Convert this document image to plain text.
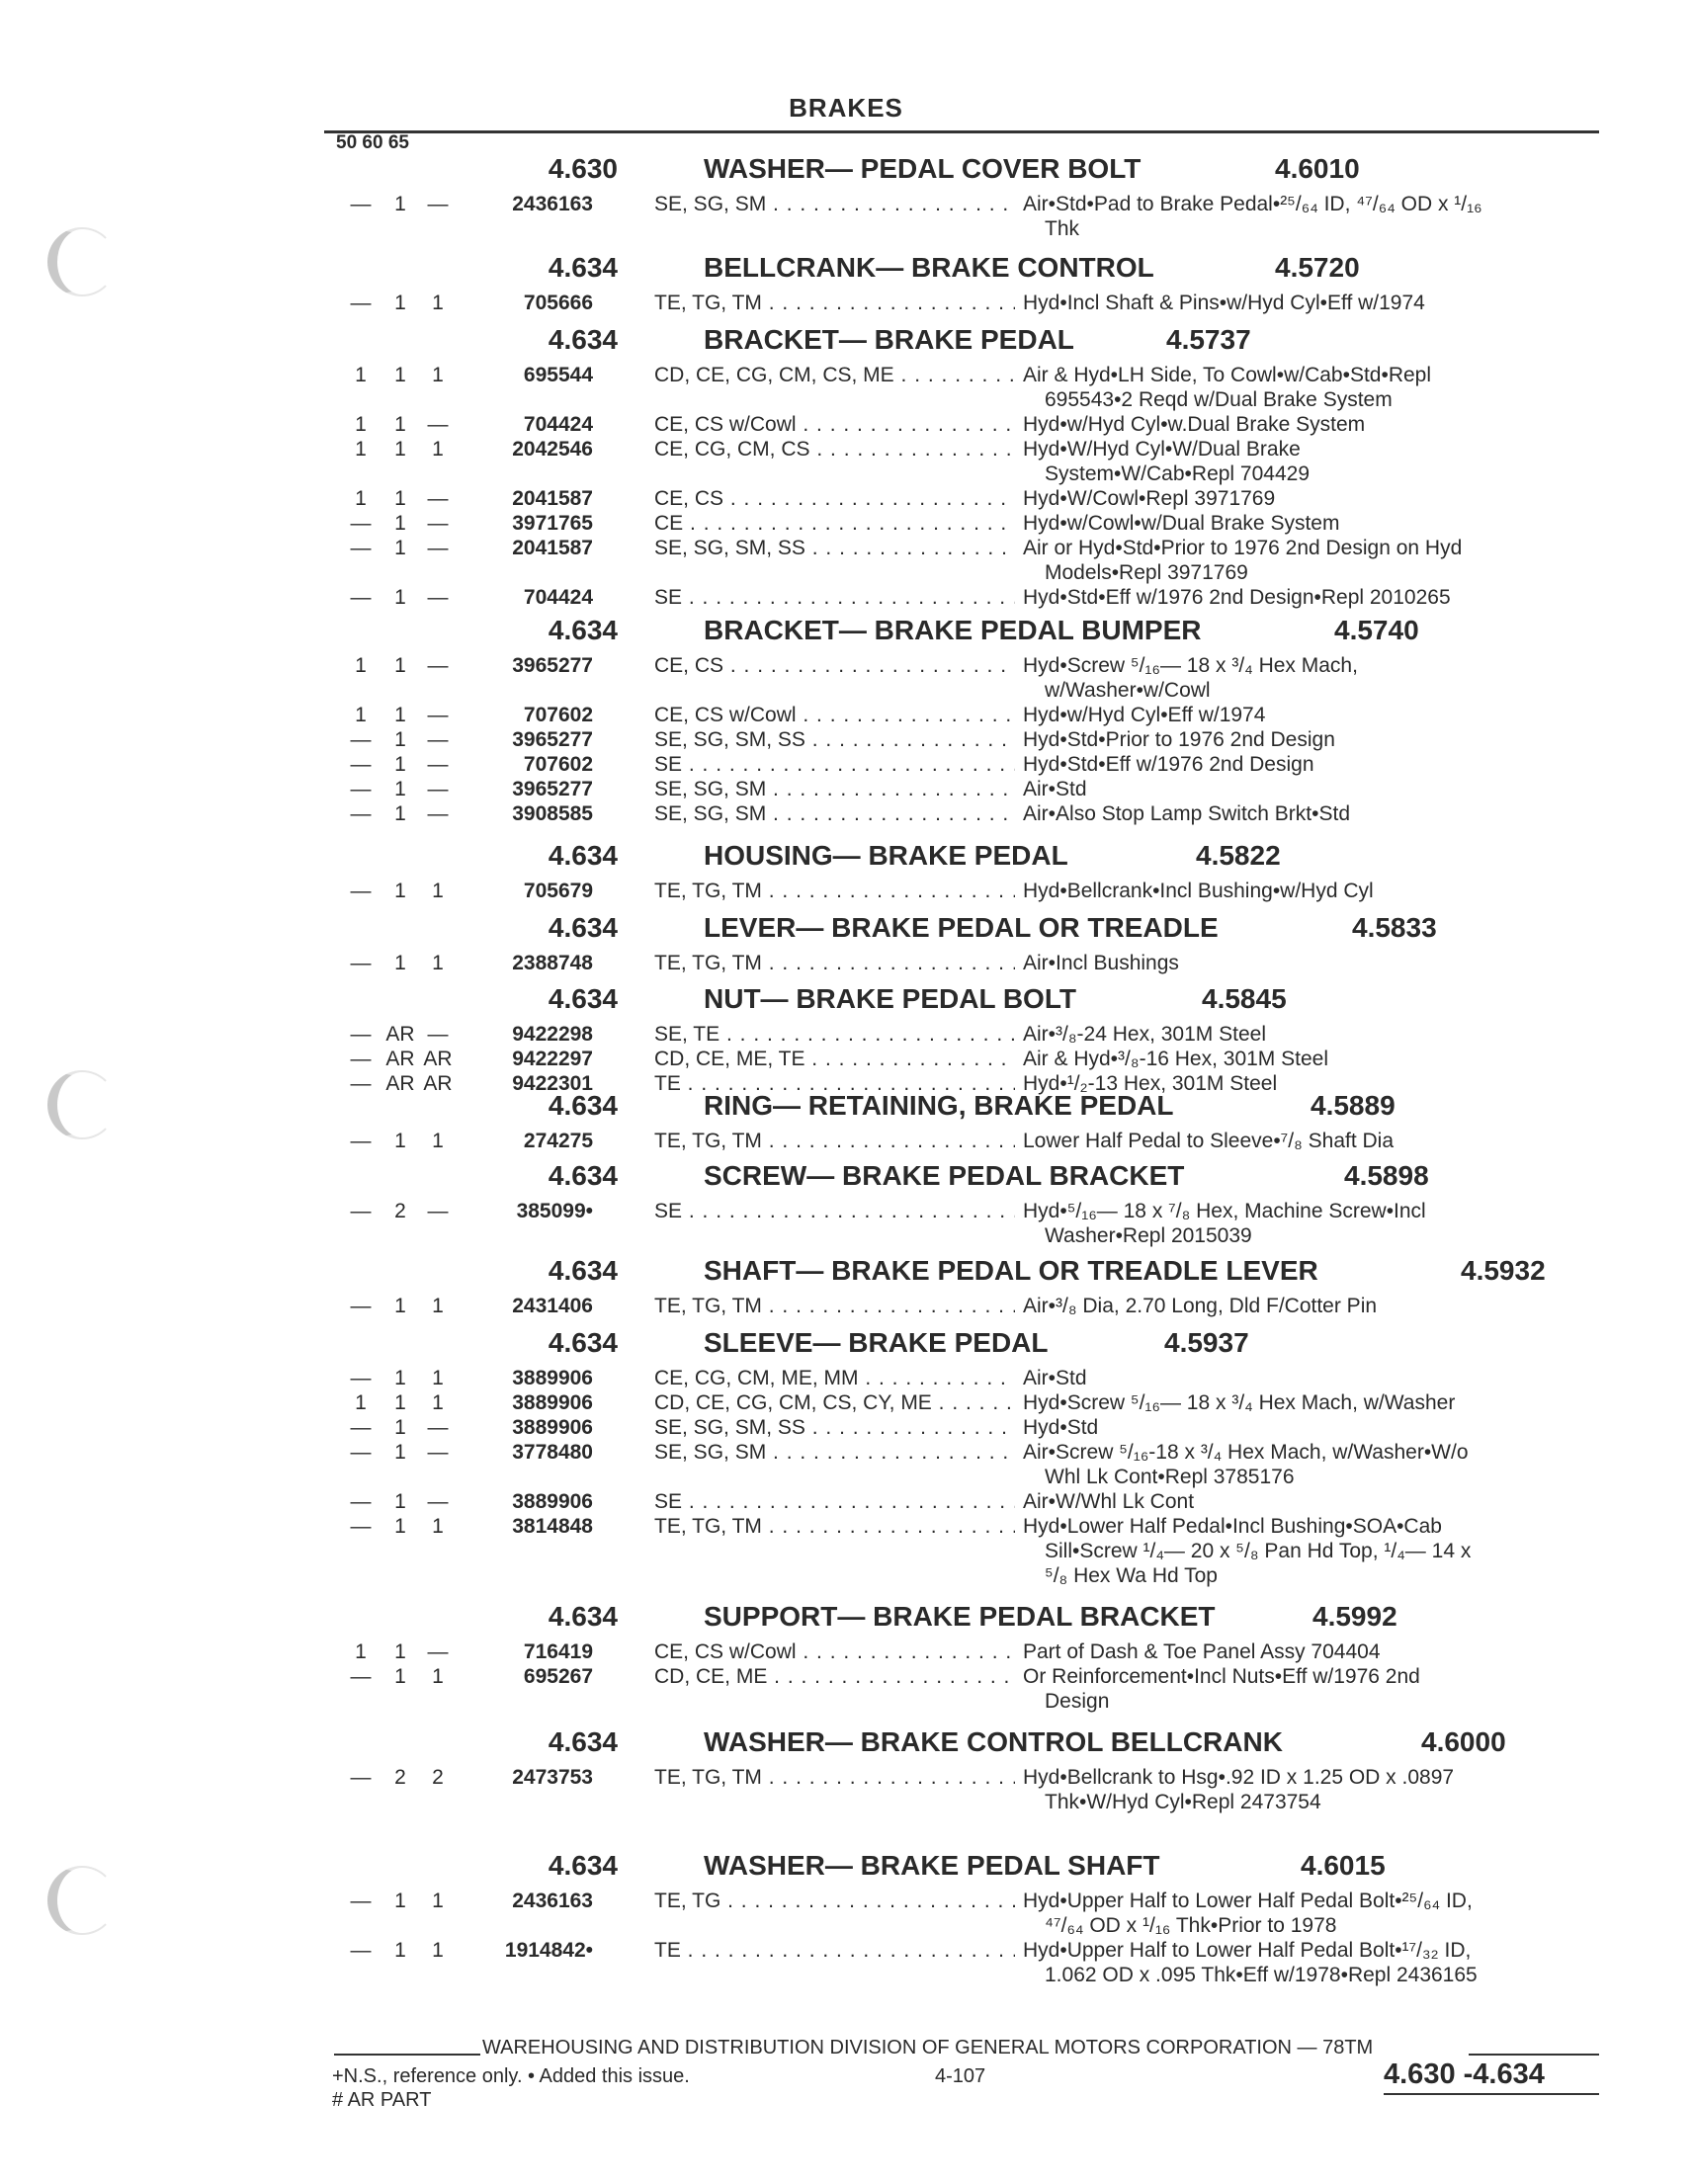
BRAKES
50 60 65
4.630	WASHER— PEDAL COVER BOLT	4.6010
—	1	—	2436163	SE, SG, SM . . .	Air•Std•Pad to Brake Pedal•²⁵/₆₄ ID, ⁴⁷/₆₄ OD x ¹/₁₆
Thk
4.634	BELLCRANK— BRAKE CONTROL	4.5720
—	1	1	705666	TE, TG, TM . . .	Hyd•Incl Shaft & Pins•w/Hyd Cyl•Eff w/1974
4.634	BRACKET— BRAKE PEDAL	4.5737
1	1	1	695544	CD, CE, CG, CM, CS, ME . . .	Air & Hyd•LH Side, To Cowl•w/Cab•Std•Repl
695543•2 Reqd w/Dual Brake System
1	1	—	704424	CE, CS w/Cowl . . .	Hyd•w/Hyd Cyl•w.Dual Brake System
1	1	1	2042546	CE, CG, CM, CS . . .	Hyd•W/Hyd Cyl•W/Dual Brake
System•W/Cab•Repl 704429
1	1	—	2041587	CE, CS . . .	Hyd•W/Cowl•Repl 3971769
—	1	—	3971765	CE . . .	Hyd•w/Cowl•w/Dual Brake System
—	1	—	2041587	SE, SG, SM, SS . . .	Air or Hyd•Std•Prior to 1976 2nd Design on Hyd
Models•Repl 3971769
—	1	—	704424	SE . . .	Hyd•Std•Eff w/1976 2nd Design•Repl 2010265
4.634	BRACKET— BRAKE PEDAL BUMPER	4.5740
1	1	—	3965277	CE, CS . . .	Hyd•Screw ⁵/₁₆— 18 x ³/₄ Hex Mach,
w/Washer•w/Cowl
1	1	—	707602	CE, CS w/Cowl . . .	Hyd•w/Hyd Cyl•Eff w/1974
—	1	—	3965277	SE, SG, SM, SS . . .	Hyd•Std•Prior to 1976 2nd Design
—	1	—	707602	SE . . .	Hyd•Std•Eff w/1976 2nd Design
—	1	—	3965277	SE, SG, SM . . .	Air•Std
—	1	—	3908585	SE, SG, SM . . .	Air•Also Stop Lamp Switch Brkt•Std
4.634	HOUSING— BRAKE PEDAL	4.5822
—	1	1	705679	TE, TG, TM . . .	Hyd•Bellcrank•Incl Bushing•w/Hyd Cyl
4.634	LEVER— BRAKE PEDAL OR TREADLE	4.5833
—	1	1	2388748	TE, TG, TM . . .	Air•Incl Bushings
4.634	NUT— BRAKE PEDAL BOLT	4.5845
— AR —	9422298	SE, TE . . .	Air•³/₈-24 Hex, 301M Steel
— AR AR	9422297	CD, CE, ME, TE . . .	Air & Hyd•³/₈-16 Hex, 301M Steel
— AR AR	9422301	TE . . .	Hyd•¹/₂-13 Hex, 301M Steel
4.634	RING— RETAINING, BRAKE PEDAL	4.5889
—	1	1	274275	TE, TG, TM . . .	Lower Half Pedal to Sleeve•⁷/₈ Shaft Dia
4.634	SCREW— BRAKE PEDAL BRACKET	4.5898
—	2	—	385099•	SE . . .	Hyd•⁵/₁₆— 18 x ⁷/₈ Hex, Machine Screw•Incl
Washer•Repl 2015039
4.634	SHAFT— BRAKE PEDAL OR TREADLE LEVER	4.5932
—	1	1	2431406	TE, TG, TM . . .	Air•³/₈ Dia, 2.70 Long, Dld F/Cotter Pin
4.634	SLEEVE— BRAKE PEDAL	4.5937
—	1	1	3889906	CE, CG, CM, ME, MM . . .	Air•Std
1	1	1	3889906	CD, CE, CG, CM, CS, CY, ME . . .	Hyd•Screw ⁵/₁₆— 18 x ³/₄ Hex Mach, w/Washer
—	1	—	3889906	SE, SG, SM, SS . . .	Hyd•Std
—	1	—	3778480	SE, SG, SM . . .	Air•Screw ⁵/₁₆-18 x ³/₄ Hex Mach, w/Washer•W/o
Whl Lk Cont•Repl 3785176
—	1	—	3889906	SE . . .	Air•W/Whl Lk Cont
—	1	1	3814848	TE, TG, TM . . .	Hyd•Lower Half Pedal•Incl Bushing•SOA•Cab
Sill•Screw ¹/₄— 20 x ⁵/₈ Pan Hd Top, ¹/₄— 14 x
⁵/₈ Hex Wa Hd Top
4.634	SUPPORT— BRAKE PEDAL BRACKET	4.5992
1	1	—	716419	CE, CS w/Cowl . . .	Part of Dash & Toe Panel Assy 704404
—	1	1	695267	CD, CE, ME . . .	Or Reinforcement•Incl Nuts•Eff w/1976 2nd
Design
4.634	WASHER— BRAKE CONTROL BELLCRANK	4.6000
—	2	2	2473753	TE, TG, TM . . .	Hyd•Bellcrank to Hsg•.92 ID x 1.25 OD x .0897
Thk•W/Hyd Cyl•Repl 2473754
4.634	WASHER— BRAKE PEDAL SHAFT	4.6015
—	1	1	2436163	TE, TG . . .	Hyd•Upper Half to Lower Half Pedal Bolt•²⁵/₆₄ ID,
⁴⁷/₆₄ OD x ¹/₁₆ Thk•Prior to 1978
—	1	1	1914842•	TE . . .	Hyd•Upper Half to Lower Half Pedal Bolt•¹⁷/₃₂ ID,
1.062 OD x .095 Thk•Eff w/1978•Repl 2436165
WAREHOUSING AND DISTRIBUTION DIVISION OF GENERAL MOTORS CORPORATION — 78TM
+N.S., reference only. • Added this issue.
# AR PART
4-107	4.630 -4.634
